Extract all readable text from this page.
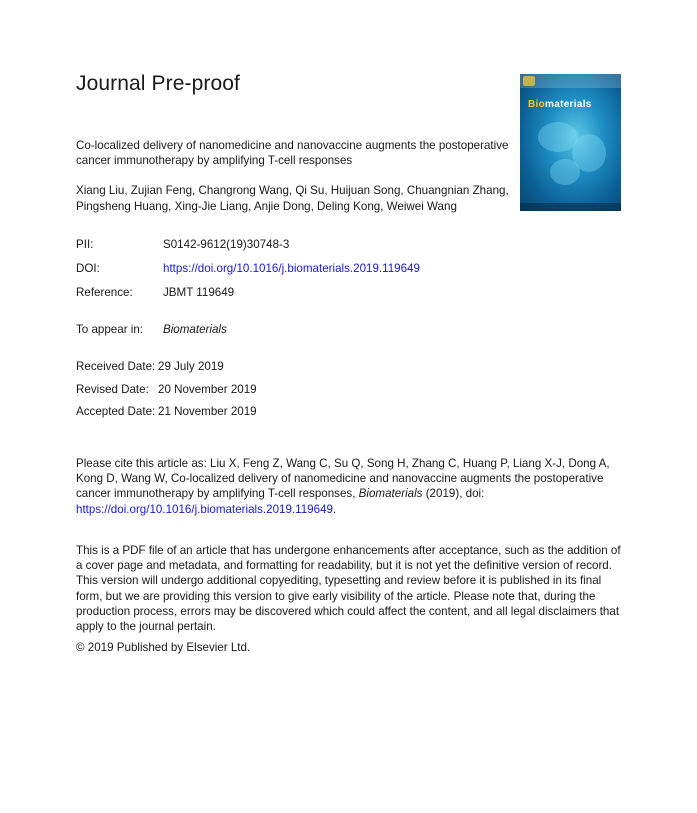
Journal Pre-proof
Biomaterials
Co-localized delivery of nanomedicine and nanovaccine augments the postoperative cancer immunotherapy by amplifying T-cell responses
Xiang Liu, Zujian Feng, Changrong Wang, Qi Su, Huijuan Song, Chuangnian Zhang, Pingsheng Huang, Xing-Jie Liang, Anjie Dong, Deling Kong, Weiwei Wang
PII:	S0142-9612(19)30748-3
DOI:	https://doi.org/10.1016/j.biomaterials.2019.119649
Reference:	JBMT 119649
To appear in: Biomaterials
Received Date: 29 July 2019
Revised Date: 20 November 2019
Accepted Date: 21 November 2019
Please cite this article as: Liu X, Feng Z, Wang C, Su Q, Song H, Zhang C, Huang P, Liang X-J, Dong A, Kong D, Wang W, Co-localized delivery of nanomedicine and nanovaccine augments the postoperative cancer immunotherapy by amplifying T-cell responses, Biomaterials (2019), doi: https://doi.org/10.1016/j.biomaterials.2019.119649.
This is a PDF file of an article that has undergone enhancements after acceptance, such as the addition of a cover page and metadata, and formatting for readability, but it is not yet the definitive version of record. This version will undergo additional copyediting, typesetting and review before it is published in its final form, but we are providing this version to give early visibility of the article. Please note that, during the production process, errors may be discovered which could affect the content, and all legal disclaimers that apply to the journal pertain.
© 2019 Published by Elsevier Ltd.
